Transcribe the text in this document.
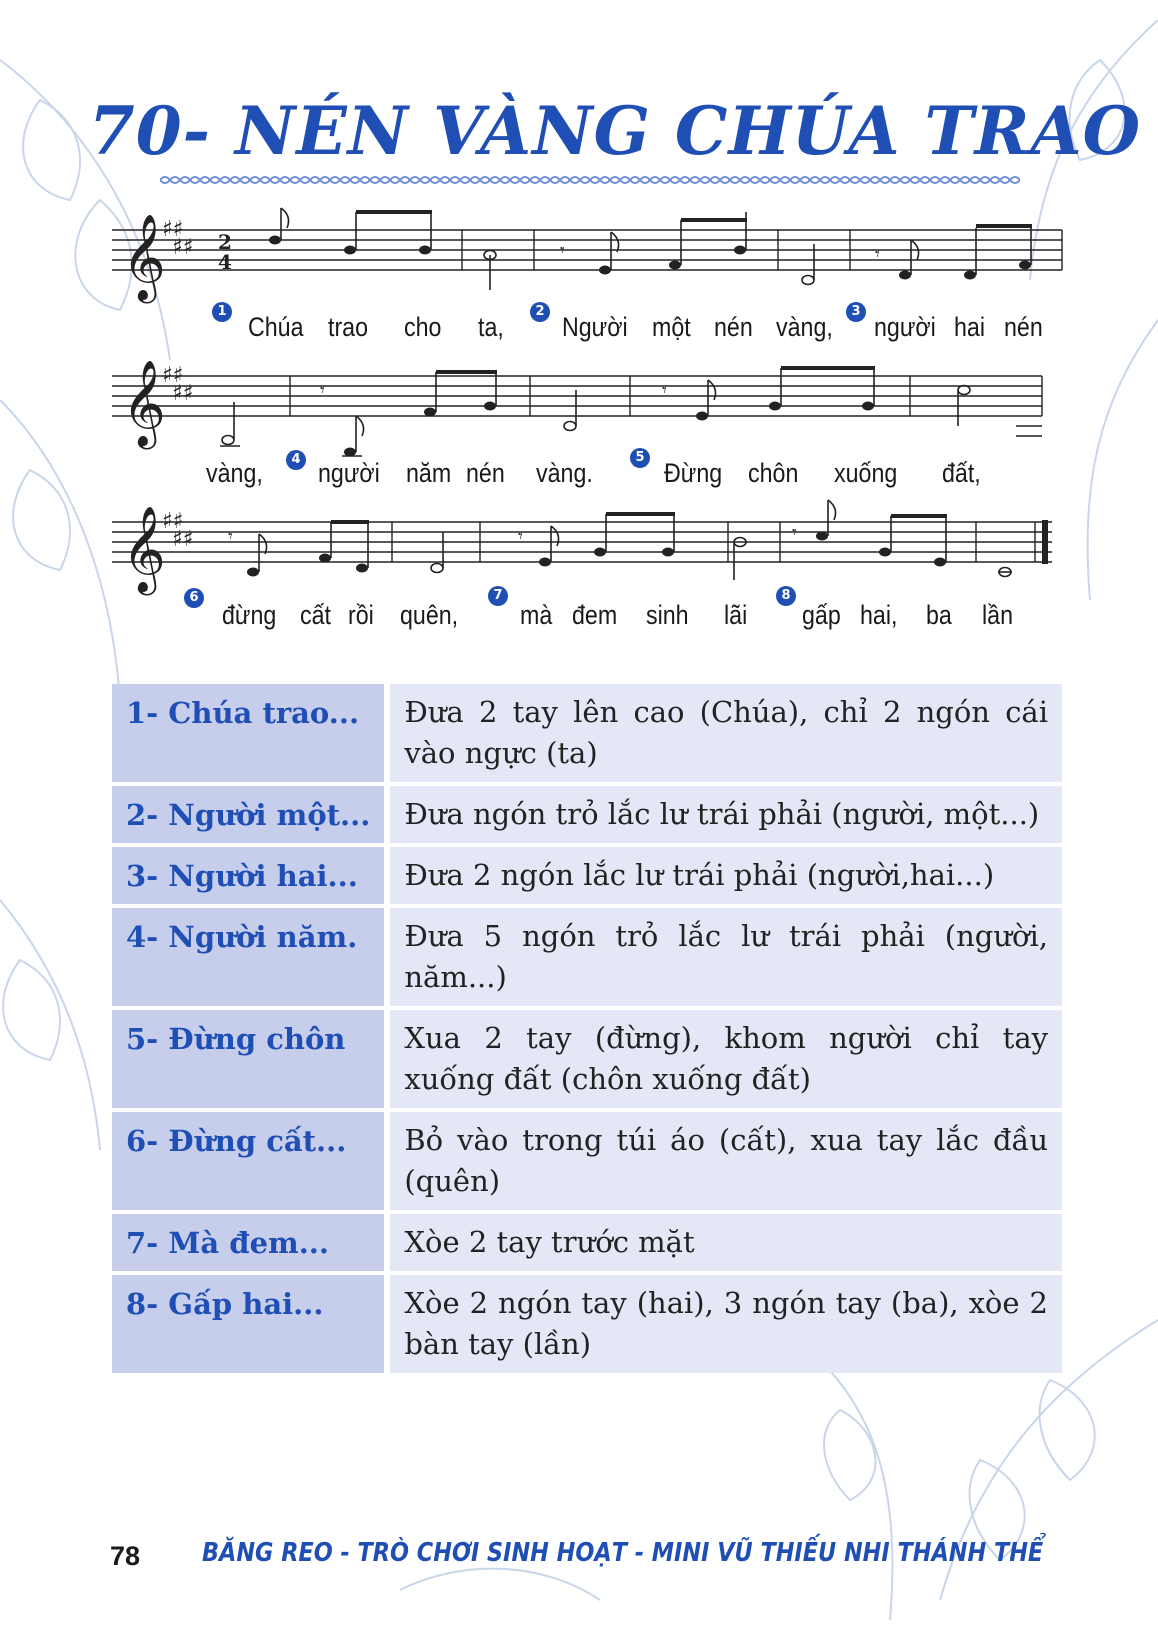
70- NÉN VÀNG CHÚA TRAO
𝄞
𝄞
𝄞
♯♯
♯♯
♯♯
♯♯
♯♯
♯♯
2
4	𝄾	𝄾
𝄾	𝄾
𝄾	𝄾	𝄾
1	2	3
4	5
6	7	8
Chúa trao cho ta, Người một nén vàng, người hai nén
vàng, người năm nén vàng.	Đừng chôn xuống đất,
đừng cất rồi quên, mà đem sinh lãi gấp hai, ba lần
1- Chúa trao...	Đưa 2 tay lên cao (Chúa), chỉ 2 ngón cái vào ngực (ta)
2- Người một...	Đưa ngón trỏ lắc lư trái phải (người, một...)
3- Người hai...	Đưa 2 ngón lắc lư trái phải (người,hai...)
4- Người năm.	Đưa 5 ngón trỏ lắc lư trái phải (người, năm...)
5- Đừng chôn	Xua 2 tay (đừng), khom người chỉ tay xuống đất (chôn xuống đất)
6- Đừng cất...	Bỏ vào trong túi áo (cất), xua tay lắc đầu (quên)
7- Mà đem...	Xòe 2 tay trước mặt
8- Gấp hai...	Xòe 2 ngón tay (hai), 3 ngón tay (ba), xòe 2 bàn tay (lần)
78 BĂNG REO - TRÒ CHƠI SINH HOẠT - MINI VŨ THIẾU NHI THÁNH THỂ
